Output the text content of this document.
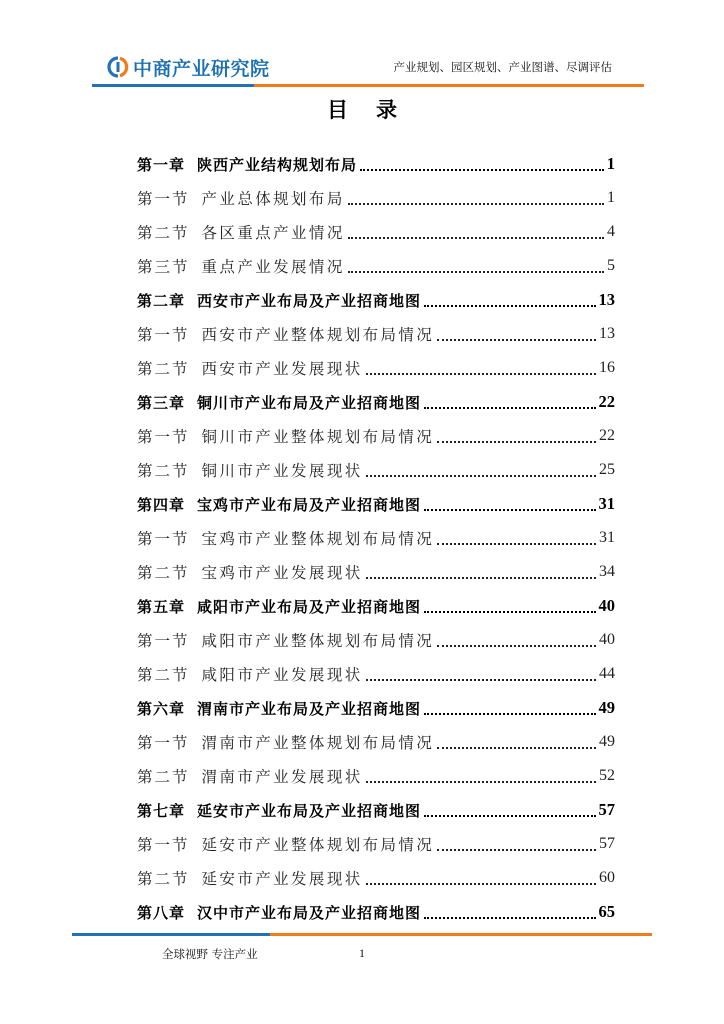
中商产业研究院	产业规划、园区规划、产业图谱、尽调评估
目录
第一章 陕西产业结构规划布局	1
第一节 产业总体规划布局	1
第二节 各区重点产业情况	4
第三节 重点产业发展情况	5
第二章 西安市产业布局及产业招商地图	13
第一节 西安市产业整体规划布局情况	13
第二节 西安市产业发展现状	16
第三章 铜川市产业布局及产业招商地图	22
第一节 铜川市产业整体规划布局情况	22
第二节 铜川市产业发展现状	25
第四章 宝鸡市产业布局及产业招商地图	31
第一节 宝鸡市产业整体规划布局情况	31
第二节 宝鸡市产业发展现状	34
第五章 咸阳市产业布局及产业招商地图	40
第一节 咸阳市产业整体规划布局情况	40
第二节 咸阳市产业发展现状	44
第六章 渭南市产业布局及产业招商地图	49
第一节 渭南市产业整体规划布局情况	49
第二节 渭南市产业发展现状	52
第七章 延安市产业布局及产业招商地图	57
第一节 延安市产业整体规划布局情况	57
第二节 延安市产业发展现状	60
第八章 汉中市产业布局及产业招商地图	65
全球视野 专注产业	1
